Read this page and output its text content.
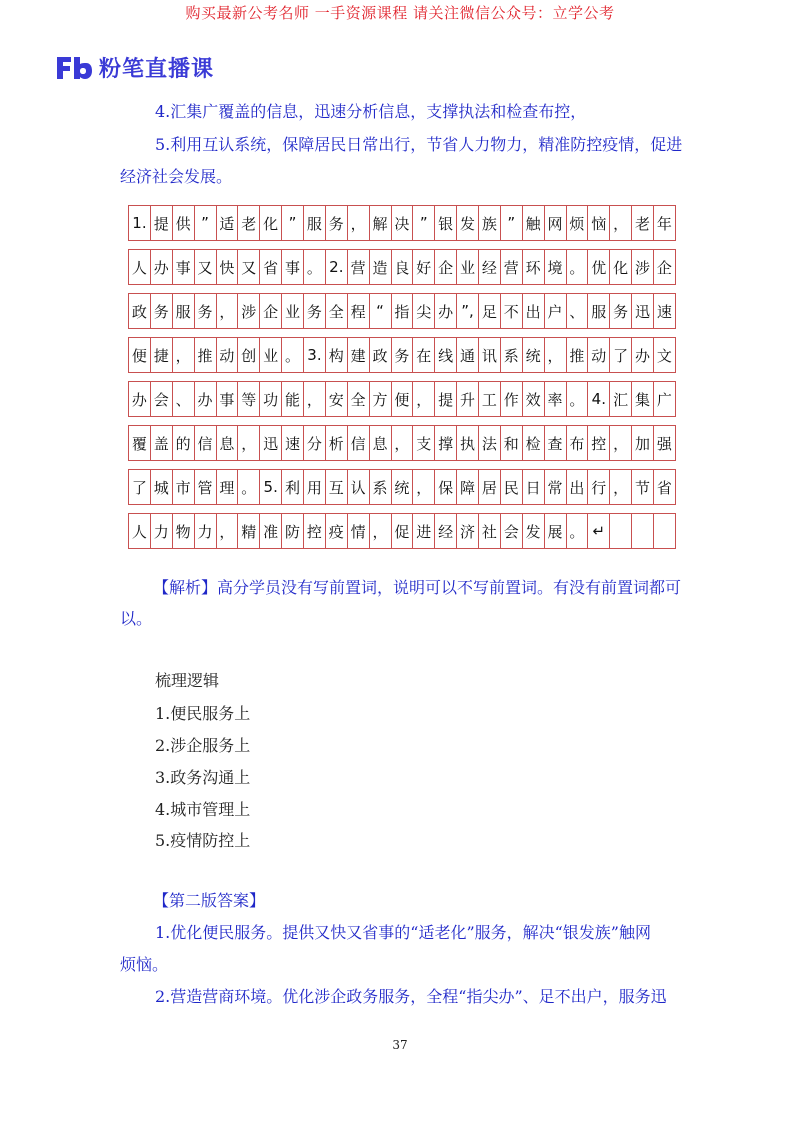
购买最新公考名师 一手资源课程 请关注微信公众号：立学公考
粉笔直播课
4.汇集广覆盖的信息，迅速分析信息，支撑执法和检查布控，
5.利用互认系统，保障居民日常出行，节省人力物力，精准防控疫情，促进
经济社会发展。
1. 提 供 ” 适 老 化 ” 服 务 ， 解 决 ” 银 发 族 ” 触 网 烦 恼 ， 老 年
人 办 事 又 快 又 省 事 。 2. 营 造 良 好 企 业 经 营 环 境 。 优 化 涉 企
政 务 服 务 ， 涉 企 业 务 全 程 “ 指 尖 办 ”, 足 不 出 户 、 服 务 迅 速
便 捷 ， 推 动 创 业 。 3. 构 建 政 务 在 线 通 讯 系 统 ， 推 动 了 办 文
办 会 、 办 事 等 功 能 ， 安 全 方 便 ， 提 升 工 作 效 率 。 4. 汇 集 广
覆 盖 的 信 息 ， 迅 速 分 析 信 息 ， 支 撑 执 法 和 检 查 布 控 ， 加 强
了 城 市 管 理 。 5. 利 用 互 认 系 统 ， 保 障 居 民 日 常 出 行 ， 节 省
人 力 物 力 ， 精 准 防 控 疫 情 ， 促 进 经 济 社 会 发 展 。 ↵
【解析】高分学员没有写前置词，说明可以不写前置词。有没有前置词都可
以。
梳理逻辑
1.便民服务上
2.涉企服务上
3.政务沟通上
4.城市管理上
5.疫情防控上
【第二版答案】
1.优化便民服务。提供又快又省事的“适老化”服务，解决“银发族”触网
烦恼。
2.营造营商环境。优化涉企政务服务，全程“指尖办”、足不出户，服务迅
37
